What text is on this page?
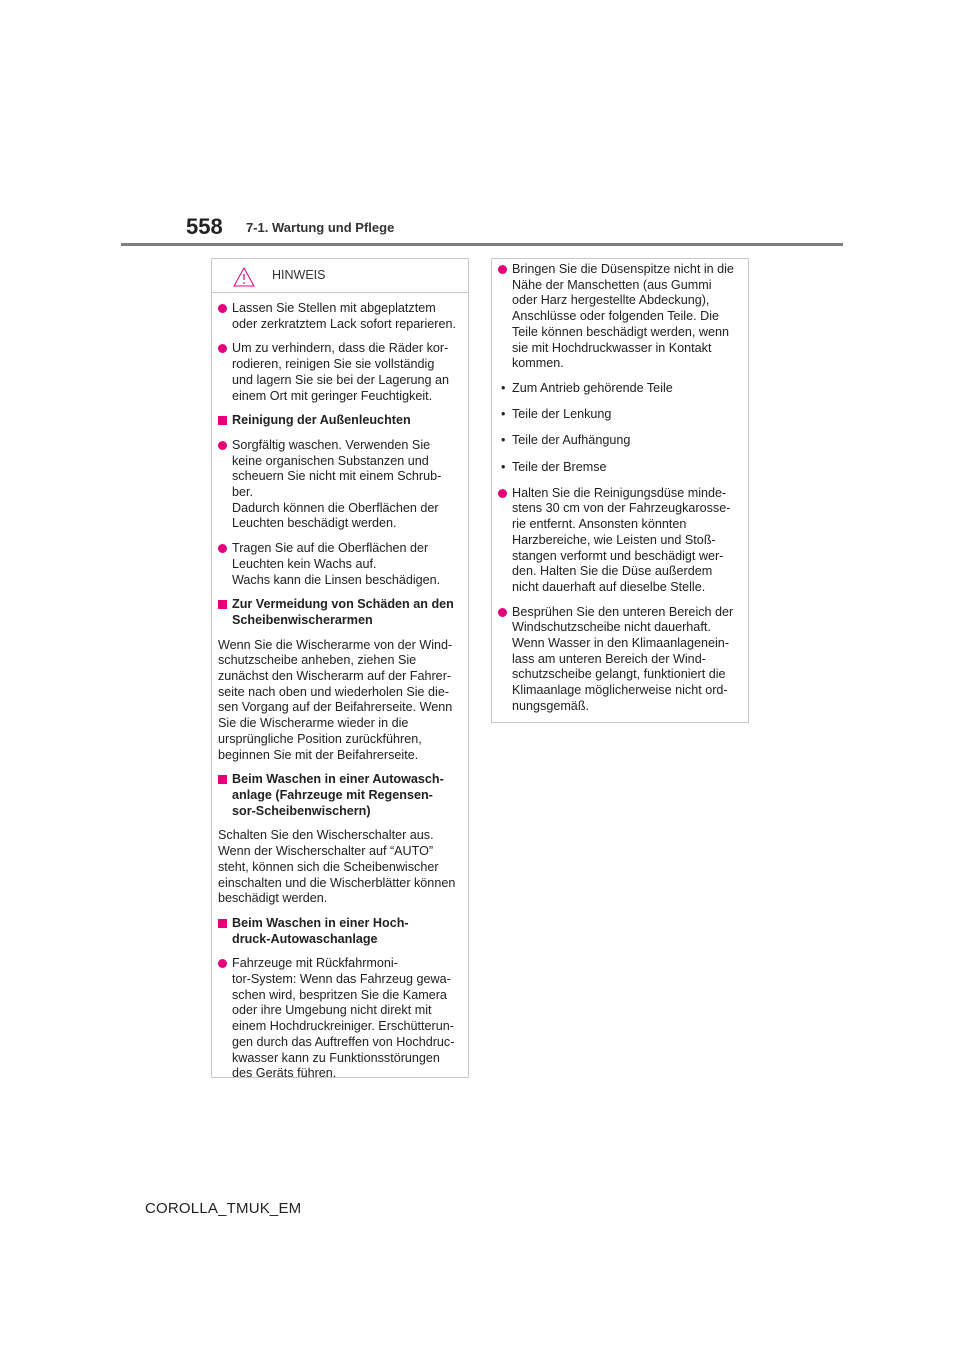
558 7-1. Wartung und Pflege
HINWEIS
Lassen Sie Stellen mit abgeplatztem
oder zerkratztem Lack sofort reparieren.
Um zu verhindern, dass die Räder kor-
rodieren, reinigen Sie sie vollständig
und lagern Sie sie bei der Lagerung an
einem Ort mit geringer Feuchtigkeit.
Reinigung der Außenleuchten
Sorgfältig waschen. Verwenden Sie
keine organischen Substanzen und
scheuern Sie nicht mit einem Schrub-
ber.
Dadurch können die Oberflächen der
Leuchten beschädigt werden.
Tragen Sie auf die Oberflächen der
Leuchten kein Wachs auf.
Wachs kann die Linsen beschädigen.
Zur Vermeidung von Schäden an den
Scheibenwischerarmen
Wenn Sie die Wischerarme von der Wind-
schutzscheibe anheben, ziehen Sie
zunächst den Wischerarm auf der Fahrer-
seite nach oben und wiederholen Sie die-
sen Vorgang auf der Beifahrerseite. Wenn
Sie die Wischerarme wieder in die
ursprüngliche Position zurückführen,
beginnen Sie mit der Beifahrerseite.
Beim Waschen in einer Autowasch-
anlage (Fahrzeuge mit Regensen-
sor-Scheibenwischern)
Schalten Sie den Wischerschalter aus.
Wenn der Wischerschalter auf “AUTO”
steht, können sich die Scheibenwischer
einschalten und die Wischerblätter können
beschädigt werden.
Beim Waschen in einer Hoch-
druck-Autowaschanlage
Fahrzeuge mit Rückfahrmoni-
tor-System: Wenn das Fahrzeug gewa-
schen wird, bespritzen Sie die Kamera
oder ihre Umgebung nicht direkt mit
einem Hochdruckreiniger. Erschütterun-
gen durch das Auftreffen von Hochdruc-
kwasser kann zu Funktionsstörungen
des Geräts führen.
Bringen Sie die Düsenspitze nicht in die
Nähe der Manschetten (aus Gummi
oder Harz hergestellte Abdeckung),
Anschlüsse oder folgenden Teile. Die
Teile können beschädigt werden, wenn
sie mit Hochdruckwasser in Kontakt
kommen.
• Zum Antrieb gehörende Teile
• Teile der Lenkung
• Teile der Aufhängung
• Teile der Bremse
Halten Sie die Reinigungsdüse minde-
stens 30 cm von der Fahrzeugkarosse-
rie entfernt. Ansonsten könnten
Harzbereiche, wie Leisten und Stoß-
stangen verformt und beschädigt wer-
den. Halten Sie die Düse außerdem
nicht dauerhaft auf dieselbe Stelle.
Besprühen Sie den unteren Bereich der
Windschutzscheibe nicht dauerhaft.
Wenn Wasser in den Klimaanlagenein-
lass am unteren Bereich der Wind-
schutzscheibe gelangt, funktioniert die
Klimaanlage möglicherweise nicht ord-
nungsgemäß.
COROLLA_TMUK_EM
